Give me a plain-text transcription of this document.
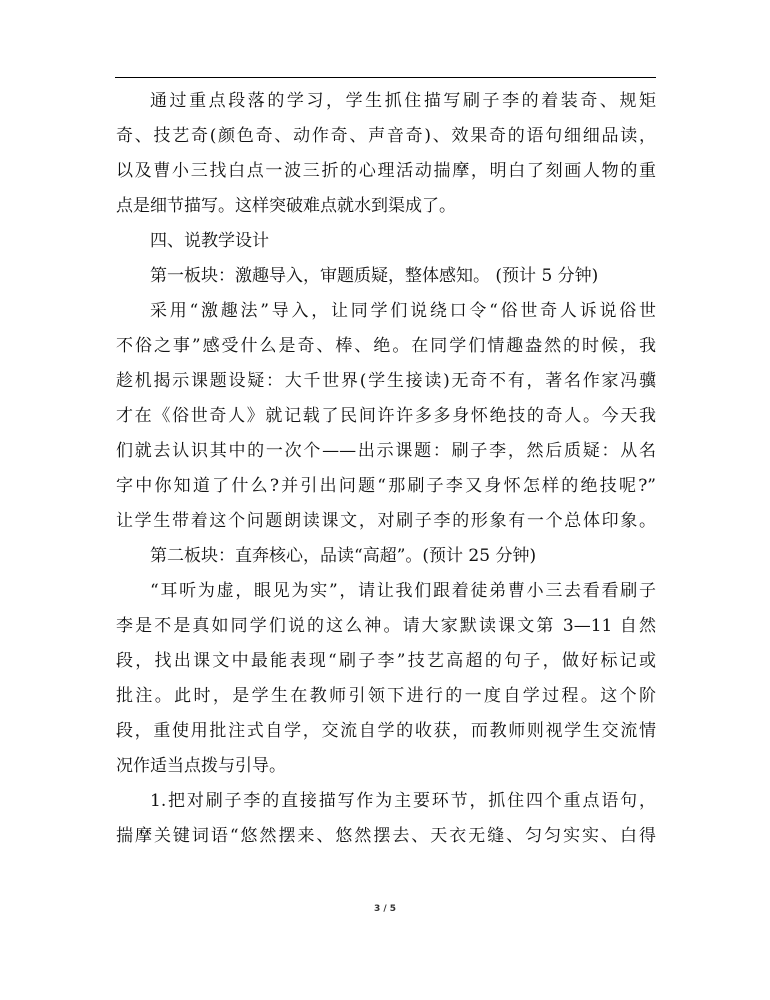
通过重点段落的学习，学生抓住描写刷子李的着装奇、规矩
奇、技艺奇(颜色奇、动作奇、声音奇)、效果奇的语句细细品读，
以及曹小三找白点一波三折的心理活动揣摩，明白了刻画人物的重
点是细节描写。这样突破难点就水到渠成了。
四、说教学设计
第一板块：激趣导入，审题质疑，整体感知。 (预计 5 分钟)
采用“激趣法”导入，让同学们说绕口令“俗世奇人诉说俗世
不俗之事”感受什么是奇、棒、绝。在同学们情趣盎然的时候，我
趁机揭示课题设疑：大千世界(学生接读)无奇不有，著名作家冯骥
才在《俗世奇人》就记载了民间许许多多身怀绝技的奇人。今天我
们就去认识其中的一次个——出示课题：刷子李，然后质疑：从名
字中你知道了什么?并引出问题“那刷子李又身怀怎样的绝技呢?”
让学生带着这个问题朗读课文，对刷子李的形象有一个总体印象。
第二板块：直奔核心，品读“高超”。(预计 25 分钟)
“耳听为虚，眼见为实”，请让我们跟着徒弟曹小三去看看刷子
李是不是真如同学们说的这么神。请大家默读课文第 3—11 自然
段，找出课文中最能表现“刷子李”技艺高超的句子，做好标记或
批注。此时，是学生在教师引领下进行的一度自学过程。这个阶
段，重使用批注式自学，交流自学的收获，而教师则视学生交流情
况作适当点拨与引导。
1.把对刷子李的直接描写作为主要环节，抓住四个重点语句，
揣摩关键词语“悠然摆来、悠然摆去、天衣无缝、匀匀实实、白得
3 / 5
